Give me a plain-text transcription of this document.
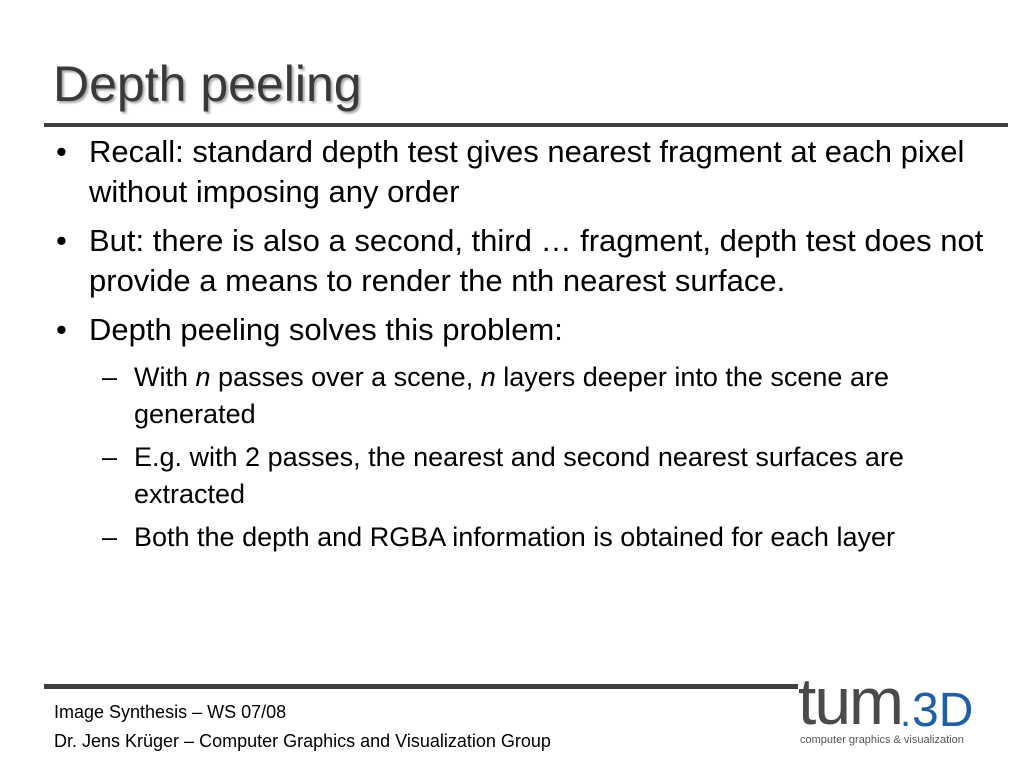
Depth peeling
• Recall: standard depth test gives nearest fragment at each pixel without imposing any order
• But: there is also a second, third … fragment, depth test does not provide a means to render the nth nearest surface.
• Depth peeling solves this problem:
– With n passes over a scene, n layers deeper into the scene are generated
– E.g. with 2 passes, the nearest and second nearest surfaces are extracted
– Both the depth and RGBA information is obtained for each layer
Image Synthesis – WS 07/08
Dr. Jens Krüger – Computer Graphics and Visualization Group
tum
. 3D
computer graphics & visualization
